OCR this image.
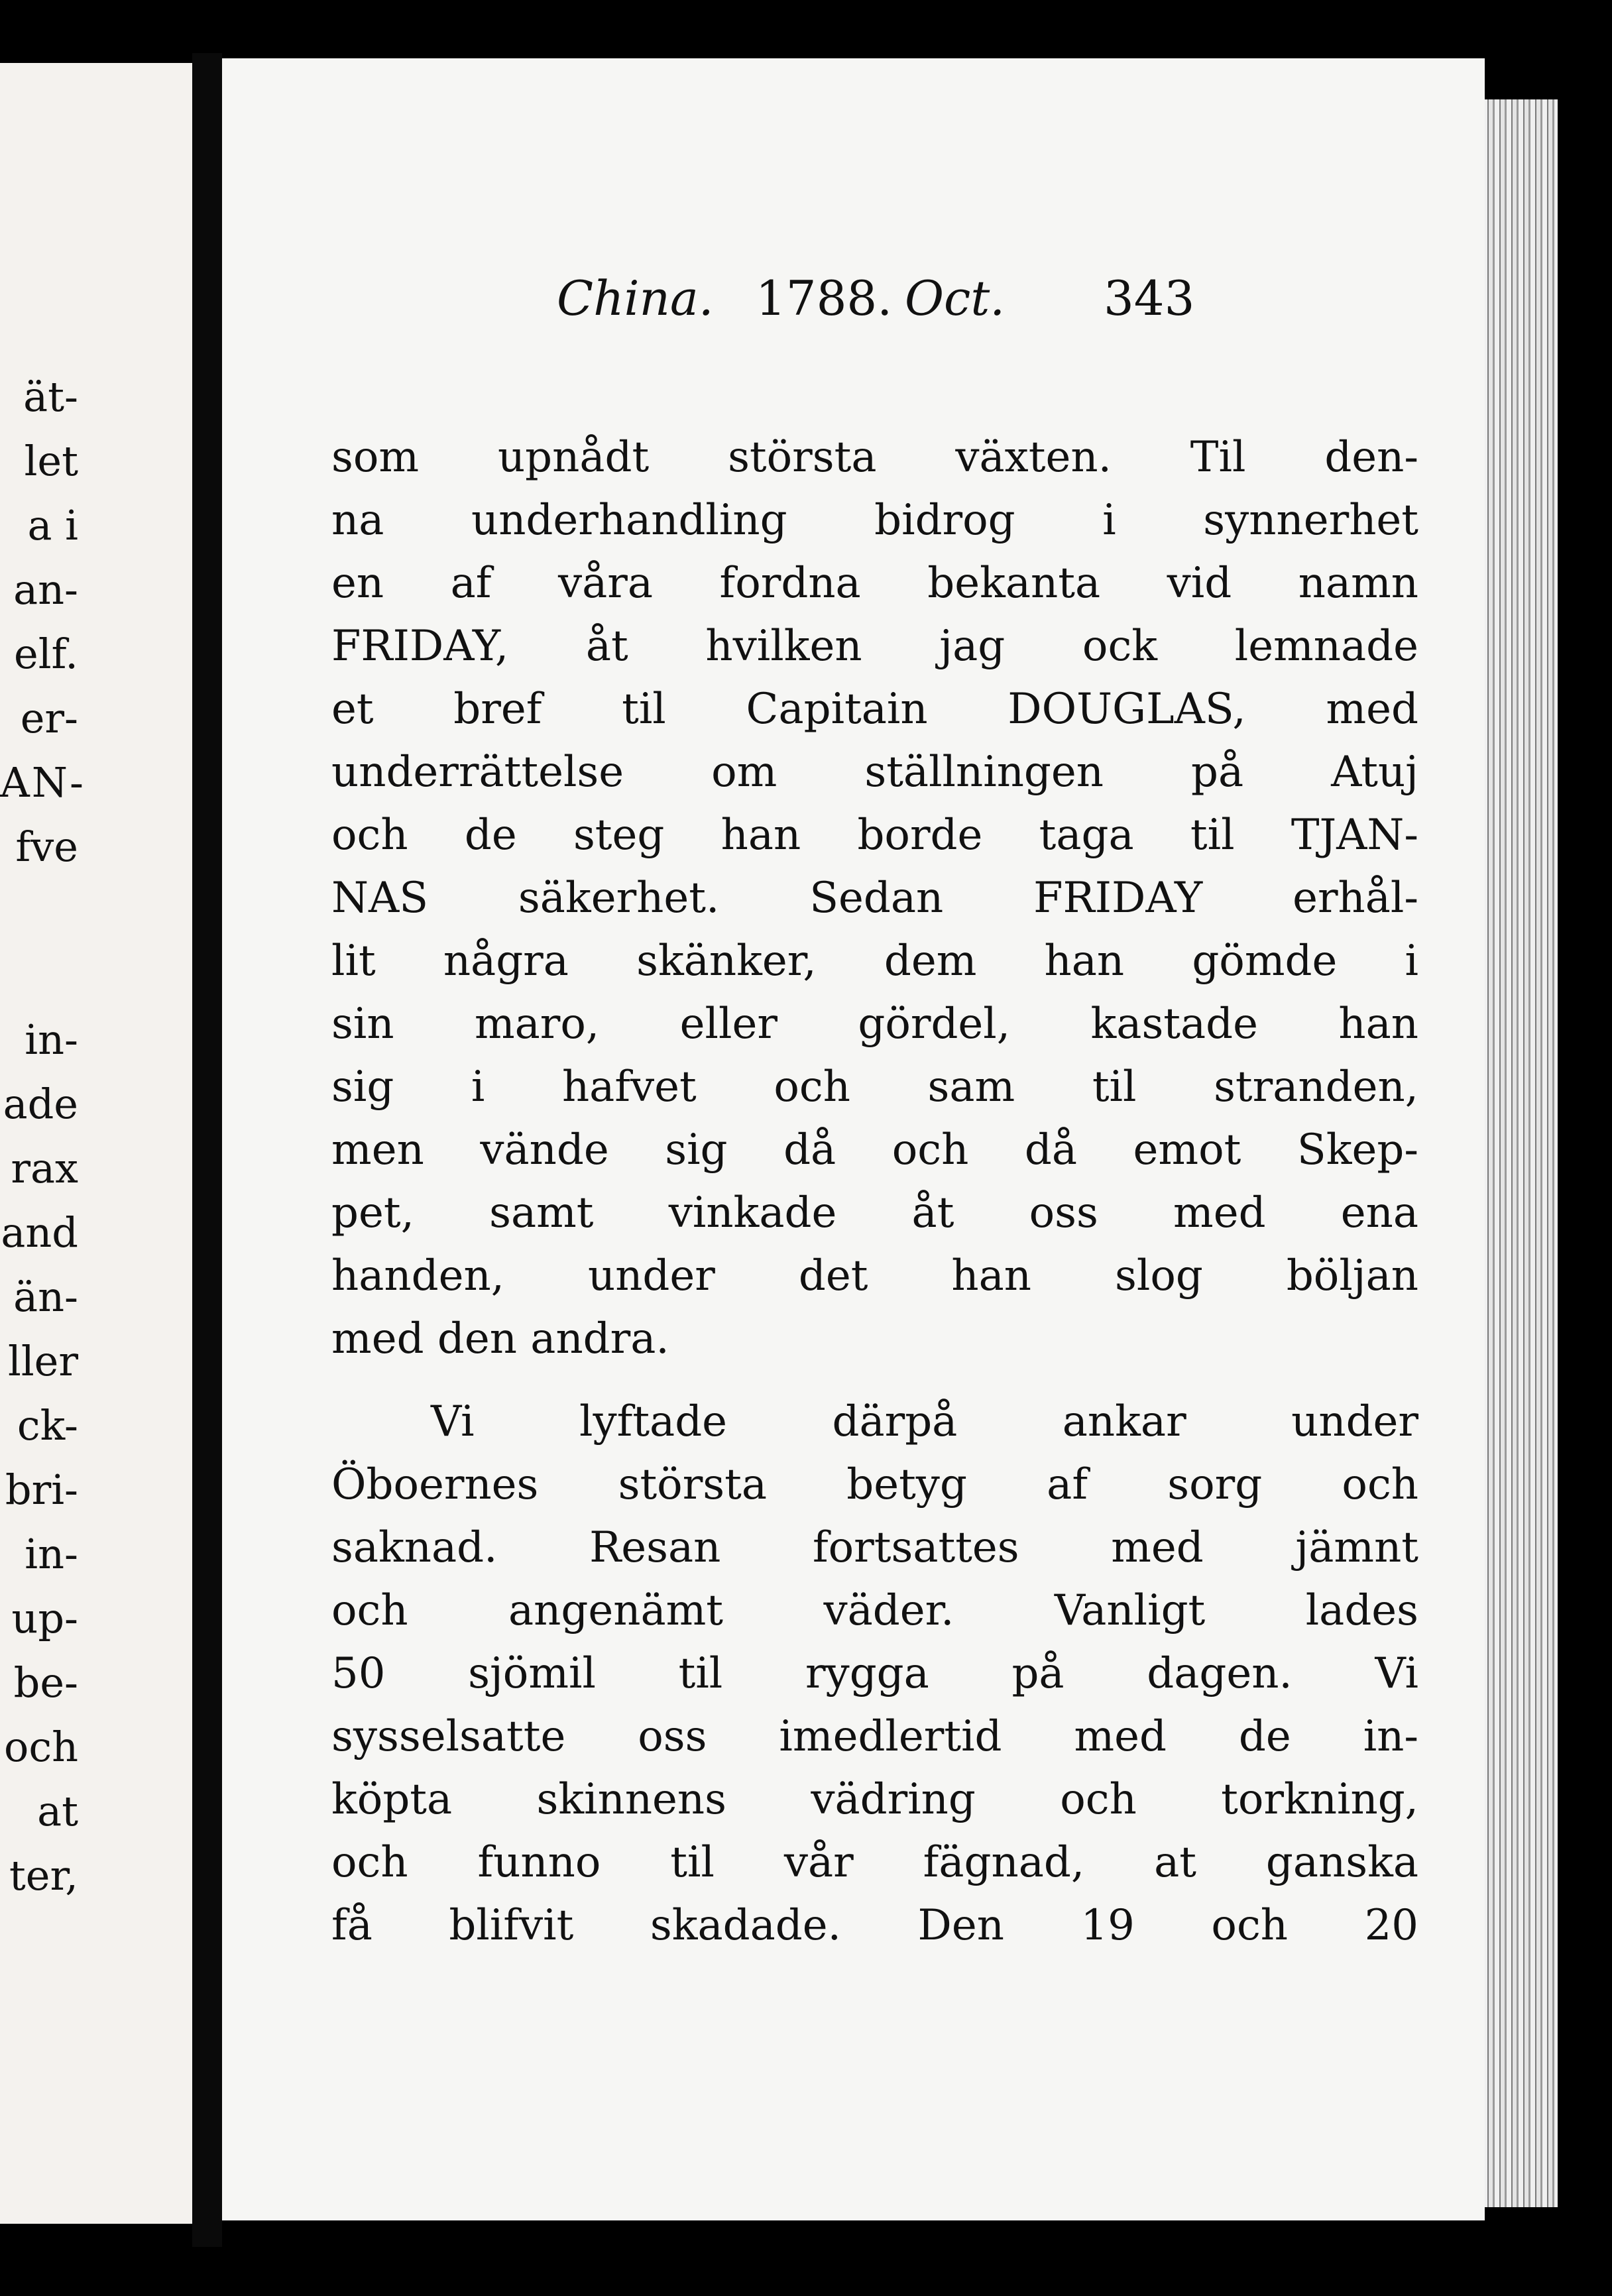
ät-
let
a i
an-
elf.
er-
AN-
fve
in-
ade
rax
and
än-
ller
ck-
bri-
in-
up-
be-
och
at
ter,
China. 1788. Oct. 343
som upnådt största växten. Til den-
na underhandling bidrog i synnerhet
en af våra fordna bekanta vid namn
FRIDAY, åt hvilken jag ock lemnade
et bref til Capitain DOUGLAS, med
underrättelse om ställningen på Atuj
och de steg han borde taga til TJAN-
NAS säkerhet. Sedan FRIDAY erhål-
lit några skänker, dem han gömde i
sin maro, eller gördel, kastade han
sig i hafvet och sam til stranden,
men vände sig då och då emot Skep-
pet, samt vinkade åt oss med ena
handen, under det han slog böljan
med den andra.
Vi lyftade därpå ankar under
Öboernes största betyg af sorg och
saknad. Resan fortsattes med jämnt
och angenämt väder. Vanligt lades
50 sjömil til rygga på dagen. Vi
sysselsatte oss imedlertid med de in-
köpta skinnens vädring och torkning,
och funno til vår fägnad, at ganska
få blifvit skadade. Den 19 och 20
